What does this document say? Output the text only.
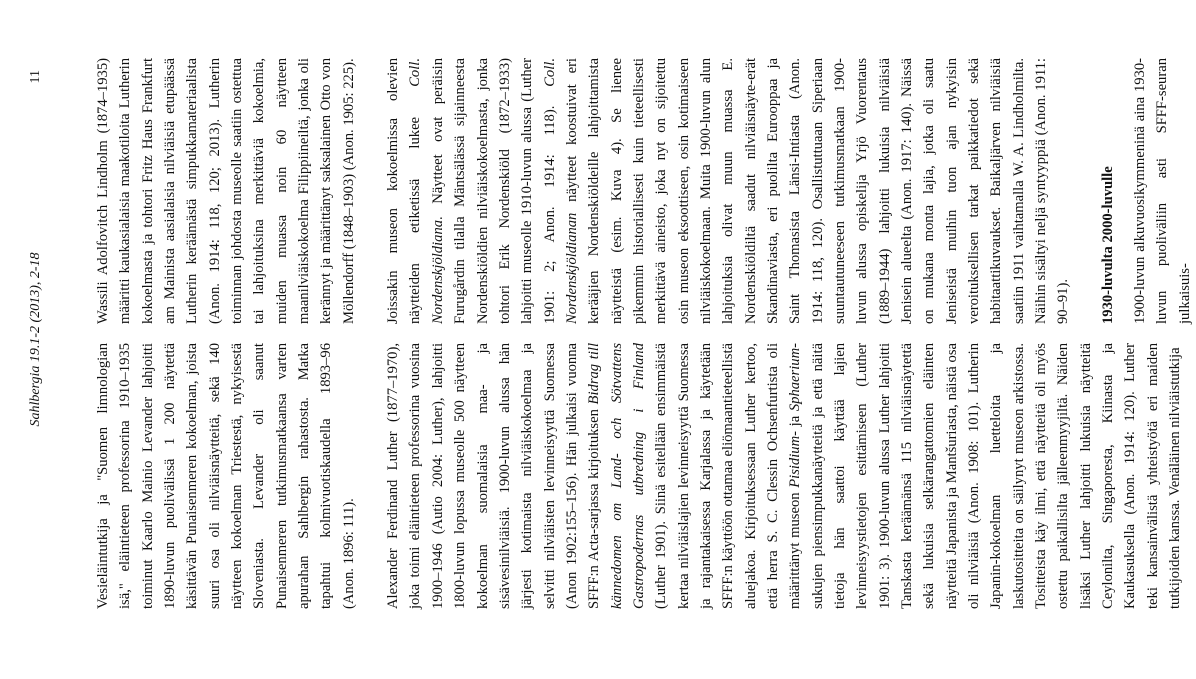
Sahlbergia 19.1-2 (2013), 2-18
11

Vesieläintutkija ja "Suomen limnologian isä," eläintieteen professorina 1910–1935 toiminut Kaarlo Mainio Levander lahjoitti 1890-luvun puolivälissä 1 200 näytettä käsittävän Punaisenmeren kokoelman, joista suuri osa oli nilviäisnäytteitä, sekä 140 näytteen kokoelman Triestestä, nykyisestä Sloveniasta. Levander oli saanut Punaisenmeren tutkimusmatkaansa varten apurahan Sahlbergin rahastosta. Matka tapahtui kolmivuotiskaudella 1893–96 (Anon. 1896: 111). Alexander Ferdinand Luther (1877–1970), joka toimi eläintieteen professorina vuosina 1900–1946 (Autio 2004: Luther), lahjoitti 1800-luvun lopussa museolle 500 näytteen kokoelman suomalaisia maa- ja sisävesinilviäisiä. 1900-luvun alussa hän järjesti kotimaista nilviäiskokoelmaa ja selvitti nilviäisten levinneisyyttä Suomessa (Anon 1902:155–156). Hän julkaisi vuonna SFFF:n Acta-sarjassa kirjoituksen Bidrag till kännedomen om Land- och Sötvattens Gastropodernas utbredning i Finland (Luther 1901). Siinä esitellään ensimmäistä kertaa nilviäislajien levinneisyyttä Suomessa ja rajantakaisessa Karjalassa ja käytetään SFFF:n käyttöön ottamaa eliömaantieteellistä aluejakoa. Kirjoituksessaan Luther kertoo, että herra S. C. Clessin Ochsenfurtista oli määrittänyt museon Pisidium- ja Sphaerium-sukujen piensimpukkanäytteitä ja että näitä tietoja hän saattoi käyttää lajien levinneisyystietojen esittämiseen (Luther 1901: 3). 1900-luvun alussa Luther lahjoitti Tanskasta keräämänsä 115 nilviäisnäytettä sekä lukuisia selkärangattomien eläinten näytteitä Japanista ja Mantšuriasta, näistä osa oli nilviäisiä (Anon. 1908: 101). Lutherin Japanin-kokoelman luetteloita ja laskutositteita on säilynyt museon arkistossa. Tositteista käy ilmi, että näytteitä oli myös ostettu paikallisilta jälleenmyyjiltä. Näiden lisäksi Luther lahjoitti lukuisia näytteitä Ceylonilta, Singaporesta, Kiinasta ja Kaukasuksella (Anon. 1914: 120). Luther teki kansainvälistä yhteistyötä eri maiden tutkijoiden kanssa. Venäläinen nilviäistutkija

Wassili Adolfovitch Lindholm (1874–1935) määritti kaukasialaisia maakotiloita Lutherin kokoelmasta ja tohtori Fritz Haus Frankfurt am Mainista aasialaisia nilviäisiä etupäässä Lutherin keräämästä simpukkamateriaalista (Anon. 1914: 118, 120; 2013). Lutherin toiminnan johdosta museolle saatiin ostettua tai lahjoituksina merkittäviä kokoelmia, muiden muassa noin 60 näytteen maanilviäiskokoelma Filippiineiltä, jonka oli kerännyt ja määrittänyt saksalainen Otto von Möllendorff (1848–1903) (Anon. 1905: 225). Joissakin museon kokoelmissa olevien näytteiden etiketissä lukee Coll. Nordenskjöldiana. Näytteet ovat peräisin Furugårdin tilalla Mäntsälässä sijainneesta Nordenskiöldien nilviäiskokoelmasta, jonka tohtori Erik Nordenskiöld (1872–1933) lahjoitti museolle 1910-luvun alussa (Luther 1901: 2; Anon. 1914: 118). Coll. Nordenskjöldianan näytteet koostuivat eri kerääjien Nordenskiöldeille lahjoittamista näytteistä (esim. Kuva 4). Se lienee pikemmin historiallisesti kuin tieteellisesti merkittävä aineisto, joka nyt on sijoitettu osin museon eksoottiseen, osin kotimaiseen nilviäiskokoelmaan. Muita 1900-luvun alun lahjoituksia olivat muun muassa E. Nordenskiöldiltä saadut nilviäisnäyte-erät Skandinaviasta, eri puolilta Eurooppaa ja Saint Thomasista Länsi-Intiasta (Anon. 1914: 118, 120). Osallistuttuaan Siperiaan suuntautuneeseen tutkimusmatkaan 1900-luvun alussa opiskelija Yrjö Vuorentaus (1889–1944) lahjoitti lukuisia nilviäisiä Jenisein alueelta (Anon. 1917: 140). Näissä on mukana monta lajia, jotka oli saatu Jeniseistä muihin tuon ajan nykyisin veroituksellisen tarkat paikkatiedot sekä habitaattikuvaukset. Baikaljärven nilviäisiä saatiin 1911 vaihtamalla W. A. Lindholmilta. Näihin sisältyi neljä syntyyppiä (Anon. 1911: 90–91). 1930-luvulta 2000-luvulle 1900-luvun alkuvuosikymmeninä aina 1930-luvun puoliväliin asti SFFF-seuran julkaisuis-
